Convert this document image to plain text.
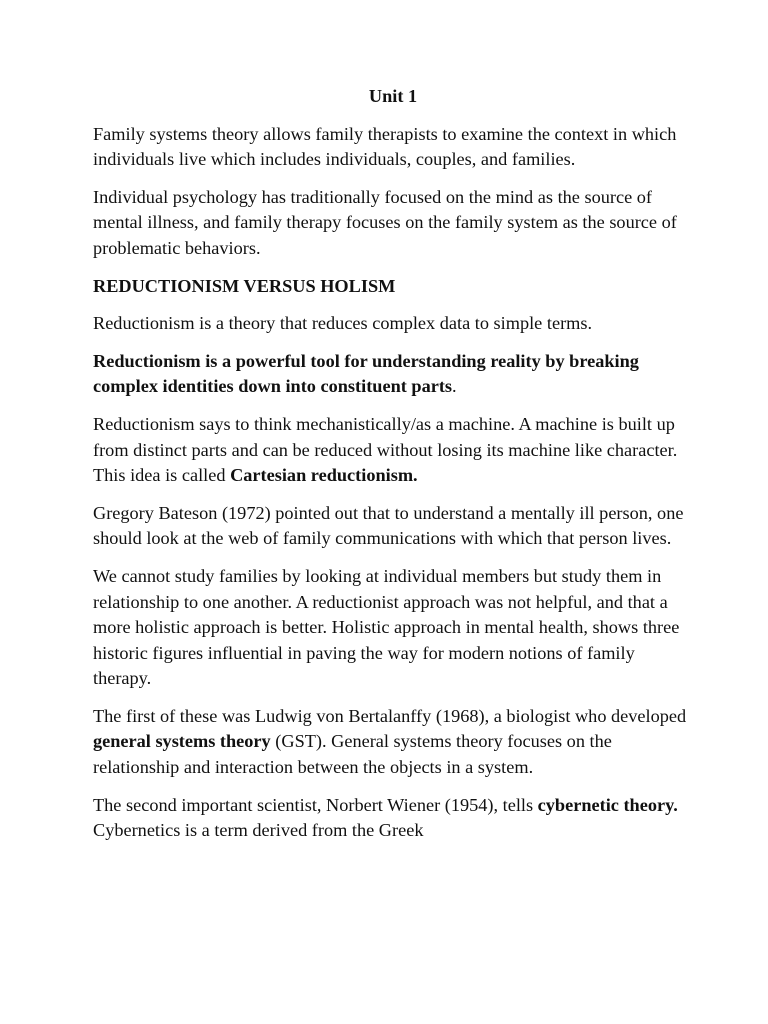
Unit 1

Family systems theory allows family therapists to examine the context in which individuals live which includes individuals, couples, and families.

Individual psychology has traditionally focused on the mind as the source of mental illness, and family therapy focuses on the family system as the source of problematic behaviors.

REDUCTIONISM VERSUS HOLISM

Reductionism is a theory that reduces complex data to simple terms.

Reductionism is a powerful tool for understanding reality by breaking complex identities down into constituent parts.

Reductionism says to think mechanistically/as a machine. A machine is built up from distinct parts and can be reduced without losing its machine like character. This idea is called Cartesian reductionism.

Gregory Bateson (1972) pointed out that to understand a mentally ill person, one should look at the web of family communications with which that person lives.

We cannot study families by looking at individual members but study them in relationship to one another. A reductionist approach was not helpful, and that a more holistic approach is better. Holistic approach in mental health, shows three historic figures influential in paving the way for modern notions of family therapy.

The first of these was Ludwig von Bertalanffy (1968), a biologist who developed general systems theory (GST). General systems theory focuses on the relationship and interaction between the objects in a system.

The second important scientist, Norbert Wiener (1954), tells cybernetic theory. Cybernetics is a term derived from the Greek
